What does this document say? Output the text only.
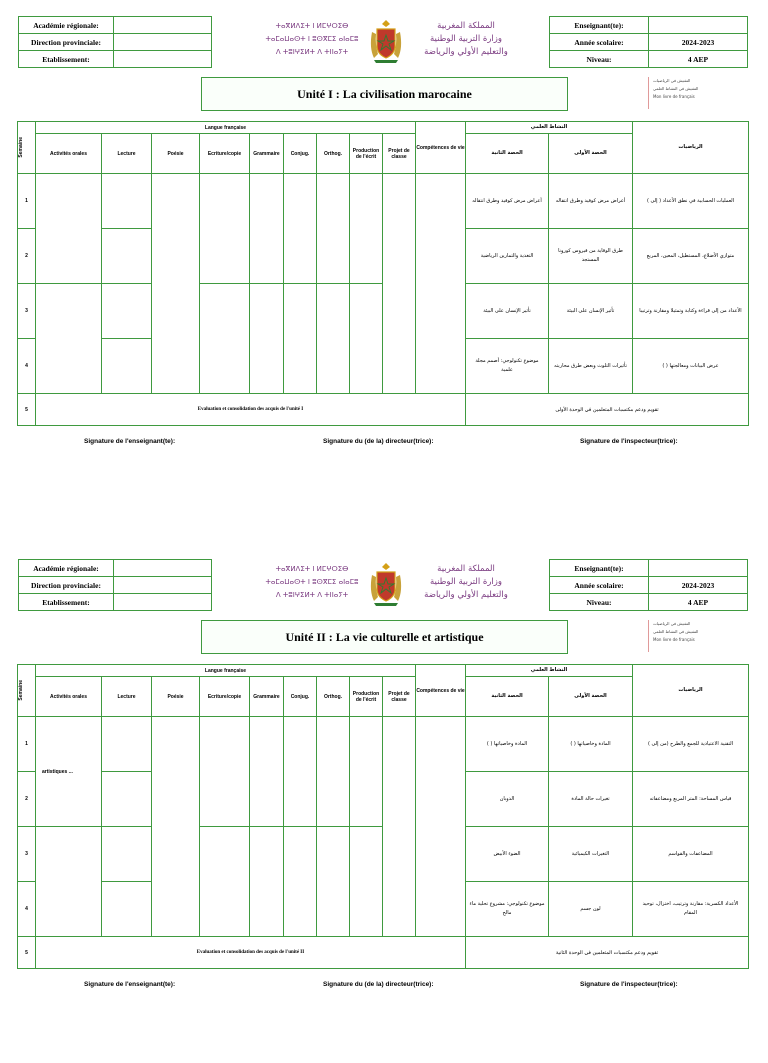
Académie régionale:	
Direction provinciale:	
Etablissement:	
ⵜⴰⴳⵍⴷⵉⵜ ⵏ ⵍⵎⵖⵔⵉⴱ
ⵜⴰⵎⴰⵡⴰⵙⵜ ⵏ ⵓⵙⴳⵎⵉ ⴰⵏⴰⵎⵓ
ⴷ ⵜⵓⵏⵖⵉⵍⵜ ⴷ ⵜⵏⵏⴰⵢⵜ
المملكة المغربية
وزارة التربية الوطنية
والتعليم الأولي والرياضة
Enseignant(te):	
Année scolaire:	2024-2023
Niveau:	4 AEP
Unité I : La civilisation marocaine
التفتيش في الرياضيات
التفتيش في النشاط العلمي
Mon livre de français
Semaine	Langue française									Compétences de vie	النشاط العلمي		الرياضيات
	Activités orales	Lecture	Poésie	Ecriture/copie	Grammaire	Conjug.	Orthog.	Production de l'écrit	Projet de classe		الحصة الثانية	الحصة الأولى	
1											أعراض مرض كوفيد وطرق انتقاله	أعراض مرض كوفيد وطرق انتقاله	العمليات الحسابية في نطق الأعداد ( إلى )
2											التغذية والتمارين الرياضية	طرق الوقاية من فيروس كورونا المستجد	متوازي الأضلاع، المستطيل، المعين، المربع
3											تأثير الإنسان على البيئة	تأثير الإنسان على البيئة	الأعداد من إلى قراءة وكتابة وتمثيلا ومقارنة وترتيبا
4											موضوع تكنولوجي: أصمم مجلة علمية	تأثيرات التلوث وبعض طرق محاربته	عرض البيانات ومعالجتها ( )
5	Evaluation et consolidation des acquis de l'unité I										تقويم ودعم مكتسبات المتعلمين في الوحدة الأولى		
Signature de l'enseignant(te):	Signature du (de la) directeur(trice):	Signature de l'inspecteur(trice):
Académie régionale:	
Direction provinciale:	
Etablissement:	
ⵜⴰⴳⵍⴷⵉⵜ ⵏ ⵍⵎⵖⵔⵉⴱ
ⵜⴰⵎⴰⵡⴰⵙⵜ ⵏ ⵓⵙⴳⵎⵉ ⴰⵏⴰⵎⵓ
ⴷ ⵜⵓⵏⵖⵉⵍⵜ ⴷ ⵜⵏⵏⴰⵢⵜ
المملكة المغربية
وزارة التربية الوطنية
والتعليم الأولي والرياضة
Enseignant(te):	
Année scolaire:	2024-2023
Niveau:	4 AEP
Unité II : La vie culturelle et artistique
التفتيش في الرياضيات
التفتيش في النشاط العلمي
Mon livre de français
Semaine	Langue française									Compétences de vie	النشاط العلمي		الرياضيات
	Activités orales	Lecture	Poésie	Ecriture/copie	Grammaire	Conjug.	Orthog.	Production de l'écrit	Projet de classe		الحصة الثانية	الحصة الأولى	
1	artistiques ...										المادة وخاصياتها ( )	المادة وخاصياتها ( )	التقنية الاعتيادية للجمع والطرح (من إلى )
2											الذوبان	تغيرات حالة المادة	قياس المساحة: المتر المربع ومضاعفاته
3											الضوء الأبيض	التغيرات الكيميائية	المضاعفات والقواسم
4											موضوع تكنولوجي: مشروع تحلية ماء مالح	لون جسم	الأعداد الكسرية: مقارنة وترتيب، اختزال، توحيد المقام
5	Evaluation et consolidation des acquis de l'unité II										تقويم ودعم مكتسبات المتعلمين في الوحدة الثانية		
Signature de l'enseignant(te):	Signature du (de la) directeur(trice):	Signature de l'inspecteur(trice):
